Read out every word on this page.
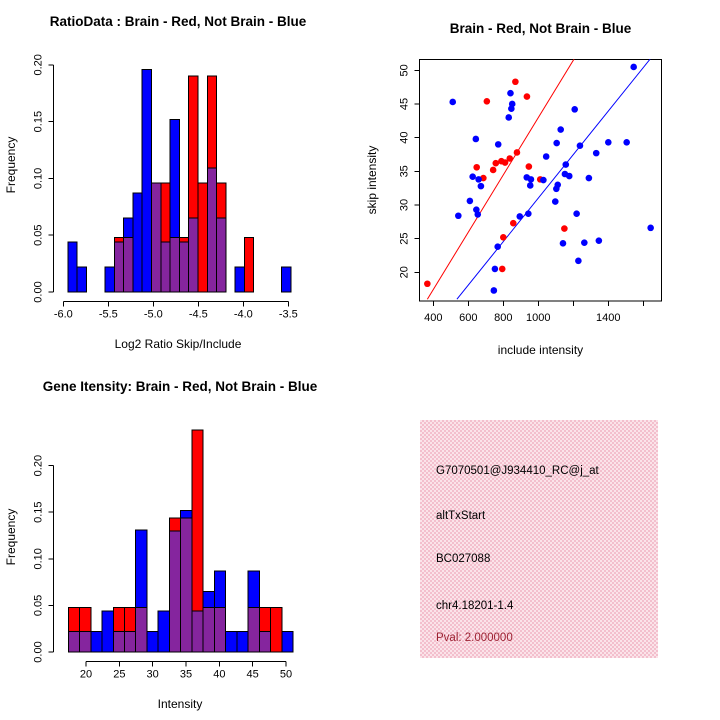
RatioData : Brain - Red, Not Brain - Blue
Log2 Ratio Skip/Include
Frequency
-6.0 -5.5 -5.0 -4.5 -4.0 -3.5
0.00
0.05
0.10
0.15
0.20
Brain - Red, Not Brain - Blue
include intensity
skip intensity
400 600 800 1000	1400
20
25
30
35
40
45
50
Gene Itensity: Brain - Red, Not Brain - Blue
Intensity
Frequency
20 25 30 35 40 45 50
0.00
0.05
0.10
0.15
0.20	G7070501@J934410_RC@j_at
altTxStart
BC027088
chr4.18201-1.4
Pval: 2.000000
